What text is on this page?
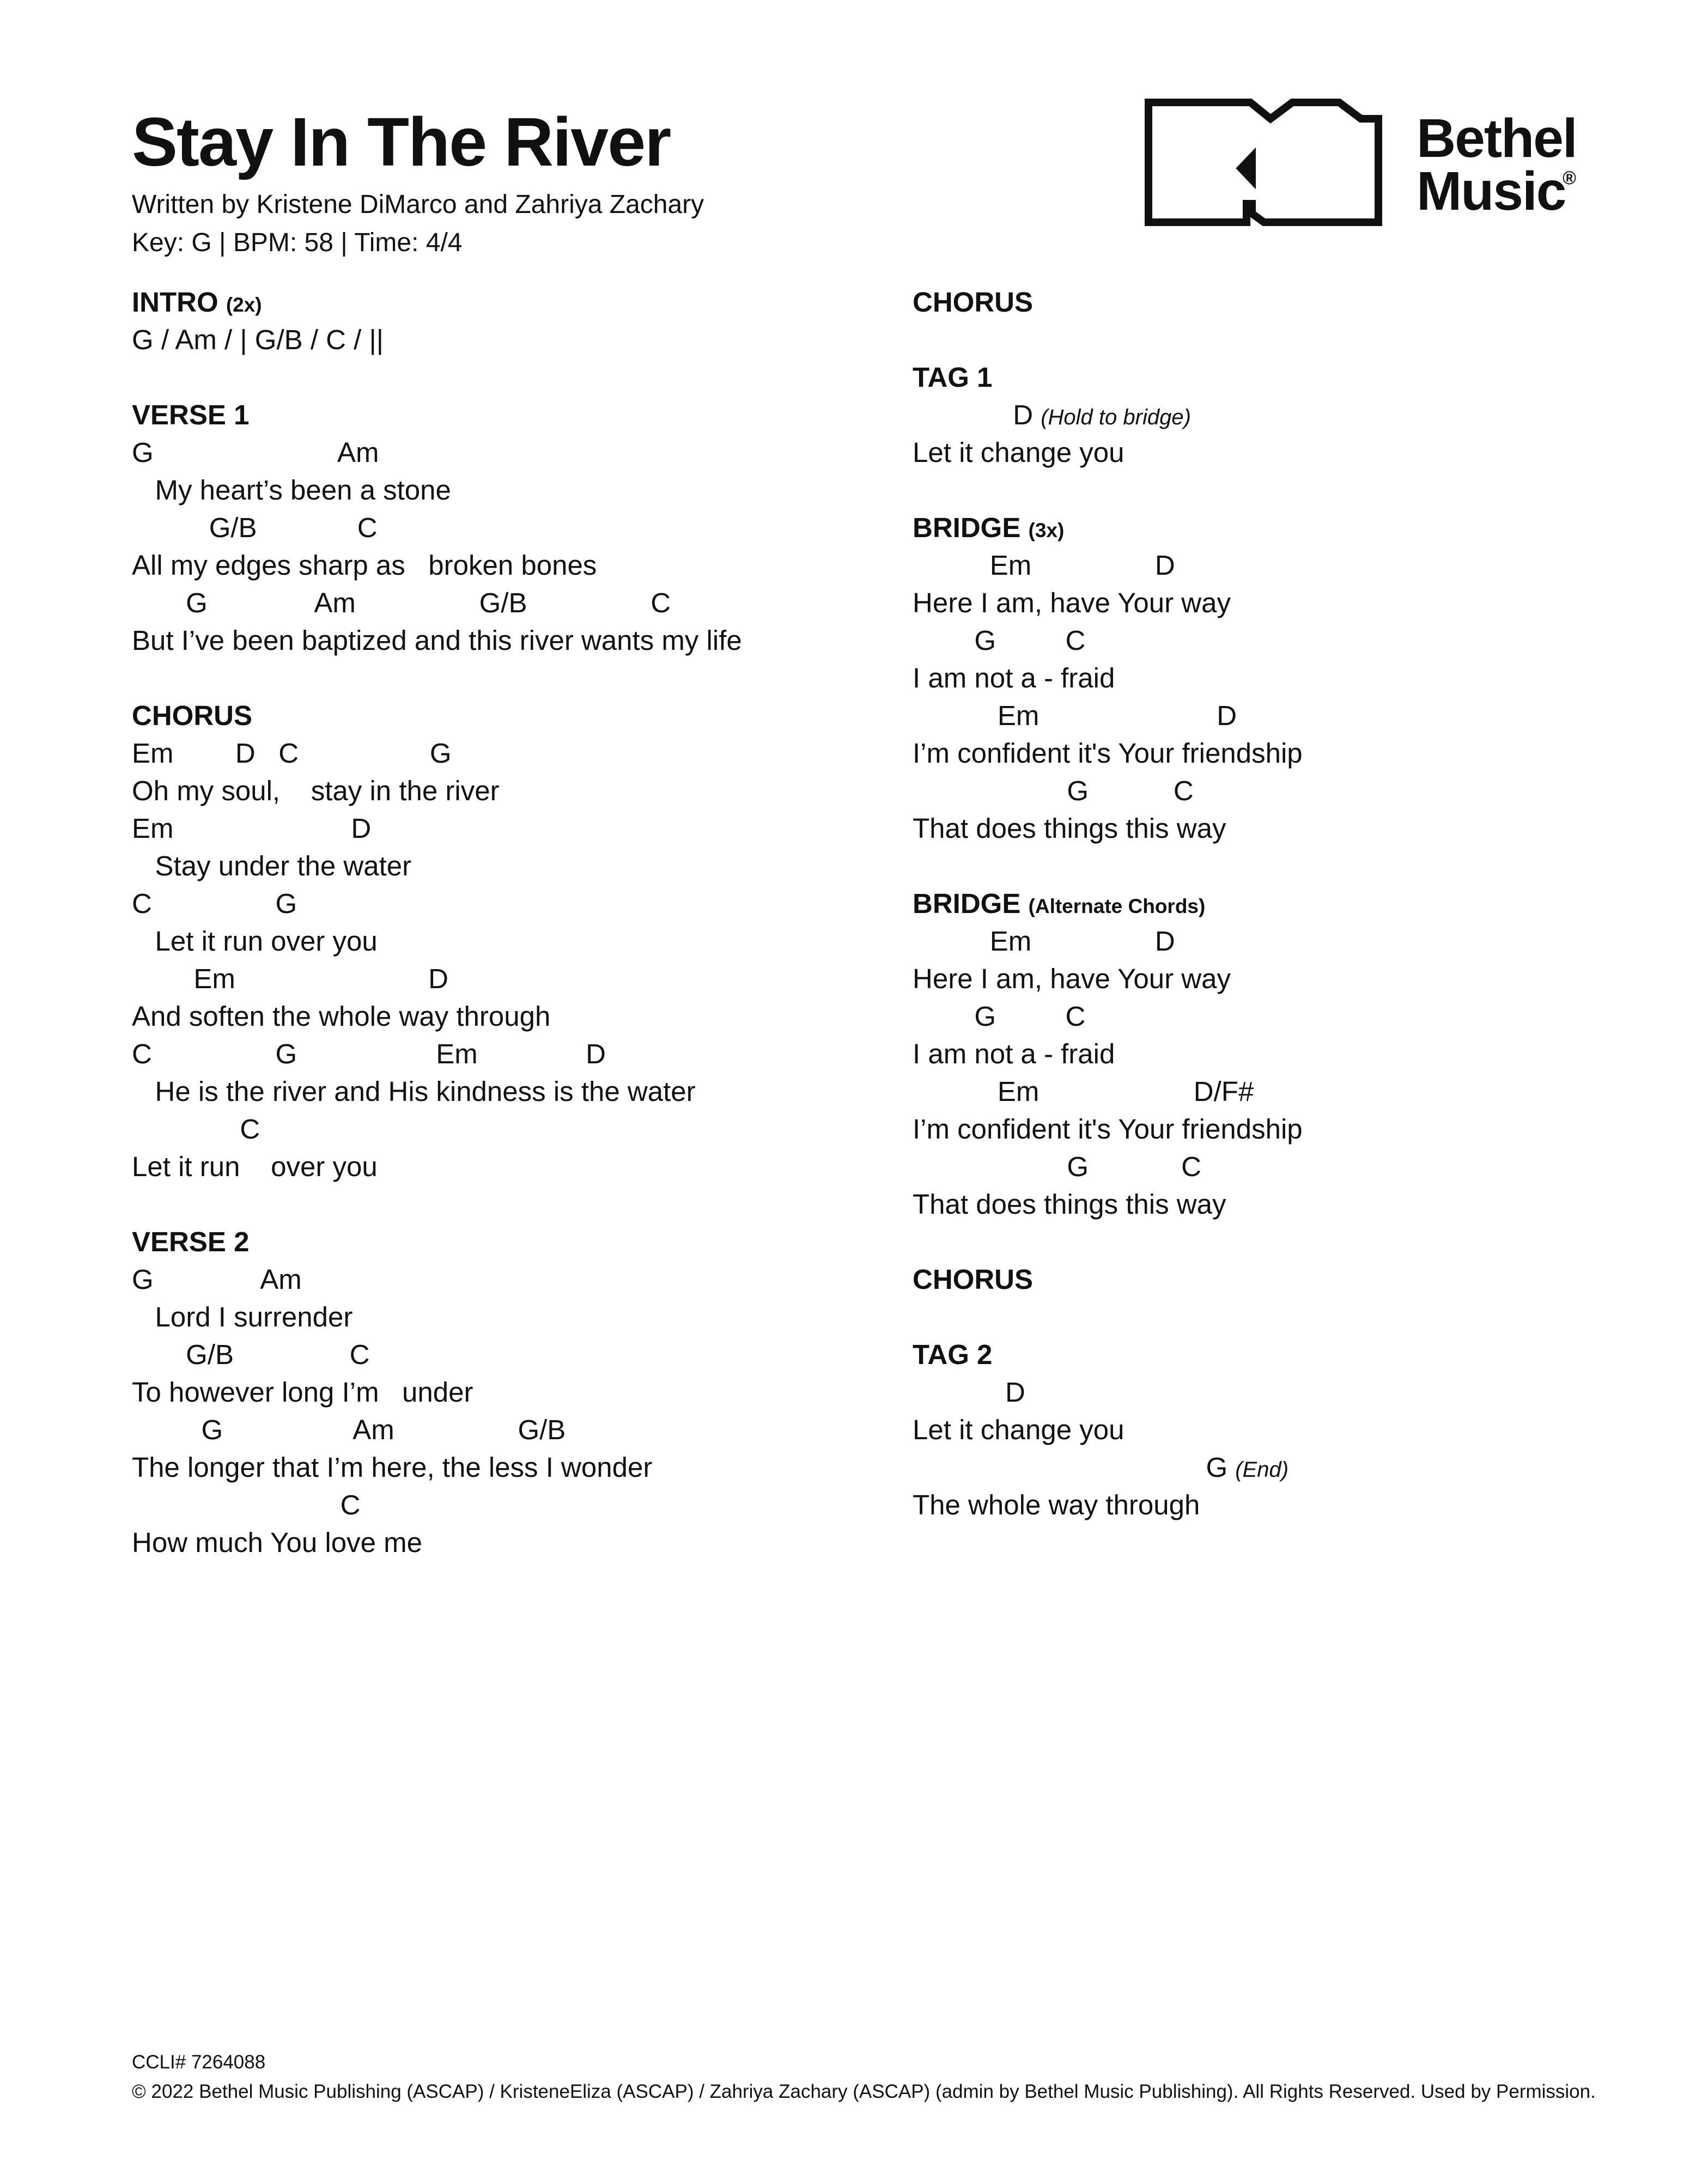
Stay In The River
Written by Kristene DiMarco and Zahriya Zachary
Key: G | BPM: 58 | Time: 4/4
Bethel
Music
®
INTRO (2x)
G / Am / | G/B / C / ||
VERSE 1
G                        Am
My heart’s been a stone
G/B             C
All my edges sharp as   broken bones
G              Am                G/B                C
But I’ve been baptized and this river wants my life
CHORUS
Em        D   C                 G
Oh my soul,    stay in the river
Em                       D
Stay under the water
C                G
Let it run over you
Em                         D
And soften the whole way through
C                G                  Em              D
He is the river and His kindness is the water
C
Let it run    over you
VERSE 2
G              Am
Lord I surrender
G/B               C
To however long I’m   under
G                 Am                G/B
The longer that I’m here, the less I wonder
C
How much You love me
CHORUS
TAG 1
D (Hold to bridge)
Let it change you
BRIDGE (3x)
Em                D
Here I am, have Your way
G         C
I am not a - fraid
Em                       D
I’m confident it's Your friendship
G           C
That does things this way
BRIDGE (Alternate Chords)
Em                D
Here I am, have Your way
G         C
I am not a - fraid
Em                    D/F#
I’m confident it's Your friendship
G            C
That does things this way
CHORUS
TAG 2
D
Let it change you
G (End)
The whole way through
CCLI# 7264088
© 2022 Bethel Music Publishing (ASCAP) / KristeneEliza (ASCAP) / Zahriya Zachary (ASCAP) (admin by Bethel Music Publishing). All Rights Reserved. Used by Permission.
